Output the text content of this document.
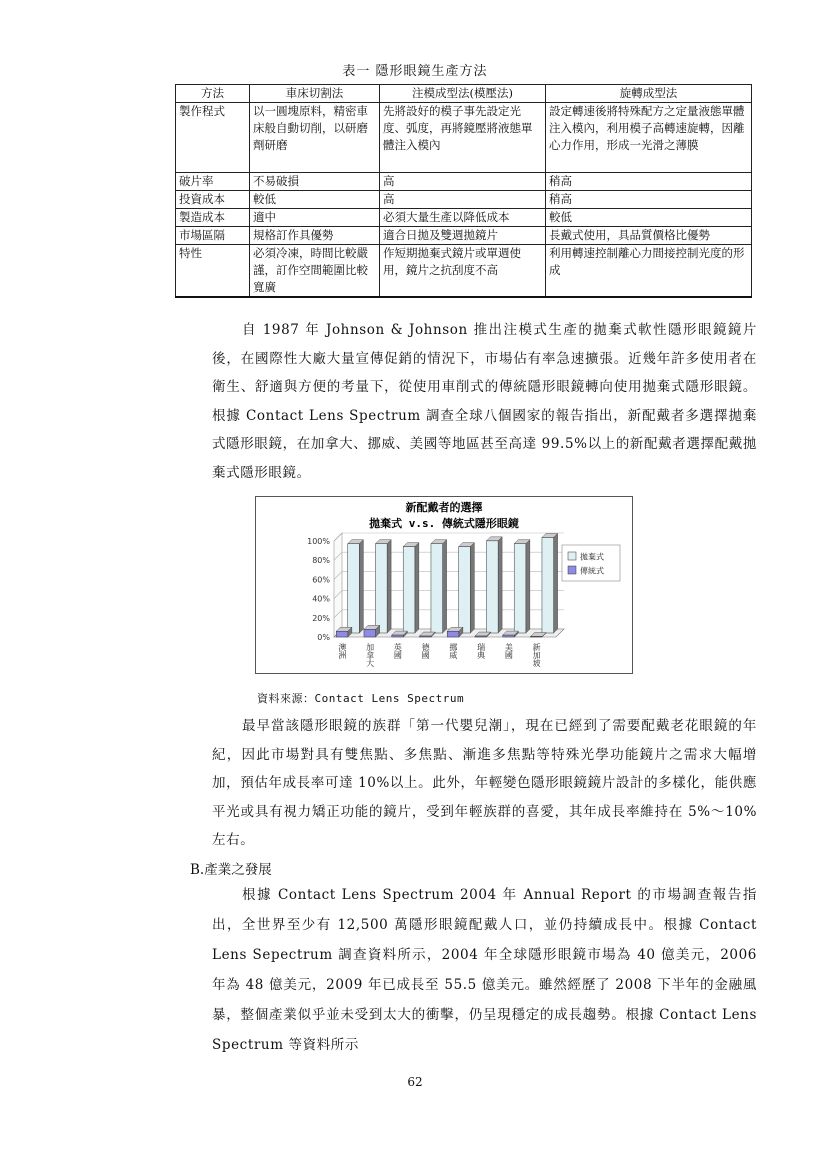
表一 隱形眼鏡生產方法
方法	車床切割法	注模成型法(模壓法)	旋轉成型法
製作程式	以一圓塊原料，精密車床般自動切削，以研磨劑研磨	先將設好的模子事先設定光度、弧度，再將鏡壓將液態單體注入模內	設定轉速後將特殊配方之定量液態單體注入模內，利用模子高轉速旋轉，因離心力作用，形成一光滑之薄膜
破片率	不易破損	高	稍高
投資成本	較低	高	稍高
製造成本	適中	必須大量生產以降低成本	較低
市場區隔	規格訂作具優勢	適合日拋及雙週拋鏡片	長戴式使用，具品質價格比優勢
特性	必須冷凍，時間比較嚴謹，訂作空間範圍比較寬廣	作短期拋棄式鏡片或單週使用，鏡片之抗刮度不高	利用轉速控制離心力間接控制光度的形成
自 1987 年 Johnson & Johnson 推出注模式生產的拋棄式軟性隱形眼鏡鏡片後，在國際性大廠大量宣傳促銷的情況下，市場佔有率急速擴張。近幾年許多使用者在衛生、舒適與方便的考量下，從使用車削式的傳統隱形眼鏡轉向使用拋棄式隱形眼鏡。根據 Contact Lens Spectrum 調查全球八個國家的報告指出，新配戴者多選擇拋棄式隱形眼鏡，在加拿大、挪威、美國等地區甚至高達 99.5%以上的新配戴者選擇配戴拋棄式隱形眼鏡。
新配戴者的選擇
拋棄式 v.s. 傳統式隱形眼鏡
100%
80%
60%
40%
20%
0%
澳洲 加拿大 英國 德國 挪威 瑞典 美國 新加坡
拋棄式
傳統式
資料來源：Contact Lens Spectrum
最早當該隱形眼鏡的族群「第一代嬰兒潮」，現在已經到了需要配戴老花眼鏡的年紀，因此市場對具有雙焦點、多焦點、漸進多焦點等特殊光學功能鏡片之需求大幅增加，預估年成長率可達 10%以上。此外，年輕變色隱形眼鏡鏡片設計的多樣化，能供應平光或具有視力矯正功能的鏡片，受到年輕族群的喜愛，其年成長率維持在 5%～10%左右。
B.產業之發展
根據 Contact Lens Spectrum 2004 年 Annual Report 的市場調查報告指出，全世界至少有 12,500 萬隱形眼鏡配戴人口，並仍持續成長中。根據 Contact Lens Sepectrum 調查資料所示，2004 年全球隱形眼鏡市場為 40 億美元，2006 年為 48 億美元，2009 年已成長至 55.5 億美元。雖然經歷了 2008 下半年的金融風暴，整個產業似乎並未受到太大的衝擊，仍呈現穩定的成長趨勢。根據 Contact Lens Spectrum 等資料所示
62
